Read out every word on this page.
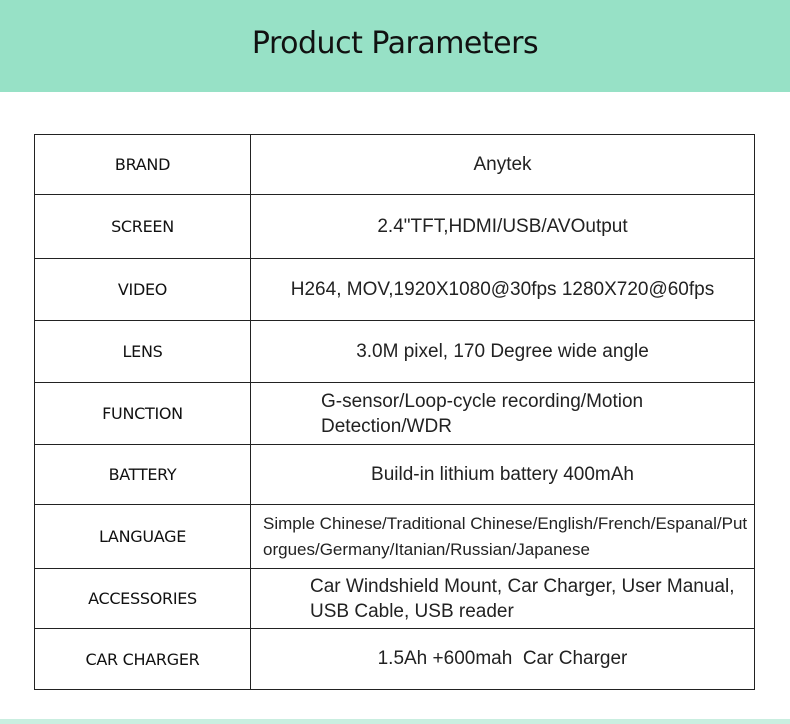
Product Parameters
BRAND	Anytek
SCREEN	2.4"TFT,HDMI/USB/AVOutput
VIDEO	H264, MOV,1920X1080@30fps 1280X720@60fps
LENS	3.0M pixel, 170 Degree wide angle
FUNCTION	G-sensor/Loop-cycle recording/Motion Detection/WDR
BATTERY	Build-in lithium battery 400mAh
LANGUAGE	Simple Chinese/Traditional Chinese/English/French/Espanal/Putorgues/Germany/Itanian/Russian/Japanese
ACCESSORIES	Car Windshield Mount, Car Charger, User Manual, USB Cable, USB reader
CAR CHARGER	1.5Ah +600mah  Car Charger
